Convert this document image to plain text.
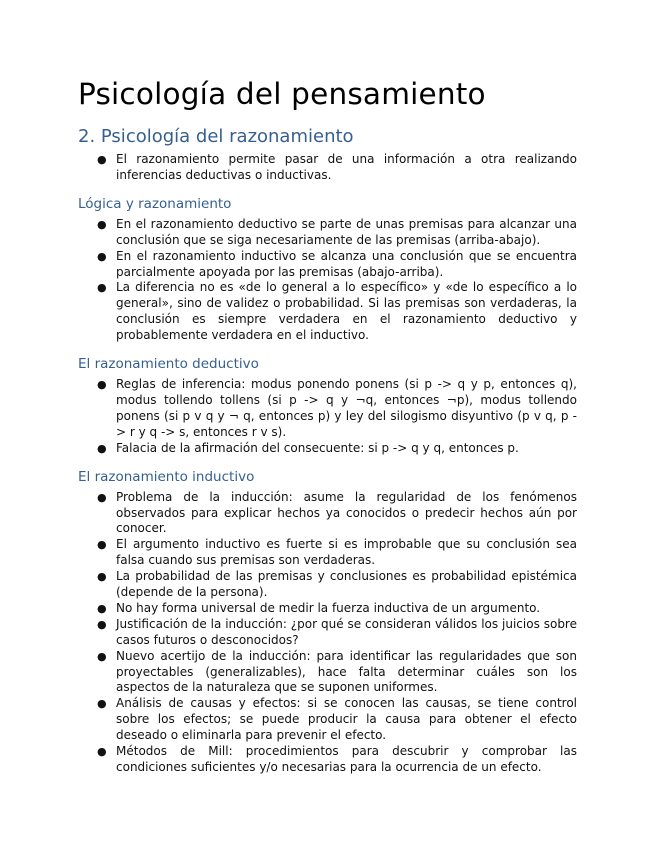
Psicología del pensamiento
2. Psicología del razonamiento
● El razonamiento permite pasar de una información a otra realizando inferencias deductivas o inductivas.
Lógica y razonamiento
● En el razonamiento deductivo se parte de unas premisas para alcanzar una conclusión que se siga necesariamente de las premisas (arriba-abajo).
● En el razonamiento inductivo se alcanza una conclusión que se encuentra parcialmente apoyada por las premisas (abajo-arriba).
● La diferencia no es «de lo general a lo específico» y «de lo específico a lo general», sino de validez o probabilidad. Si las premisas son verdaderas, la conclusión es siempre verdadera en el razonamiento deductivo y probablemente verdadera en el inductivo.
El razonamiento deductivo
● Reglas de inferencia: modus ponendo ponens (si p -> q y p, entonces q), modus tollendo tollens (si p -> q y ¬q, entonces ¬p), modus tollendo ponens (si p v q y ¬ q, entonces p) y ley del silogismo disyuntivo (p v q, p -> r y q -> s, entonces r v s).
● Falacia de la afirmación del consecuente: si p -> q y q, entonces p.
El razonamiento inductivo
● Problema de la inducción: asume la regularidad de los fenómenos observados para explicar hechos ya conocidos o predecir hechos aún por conocer.
● El argumento inductivo es fuerte si es improbable que su conclusión sea falsa cuando sus premisas son verdaderas.
● La probabilidad de las premisas y conclusiones es probabilidad epistémica (depende de la persona).
● No hay forma universal de medir la fuerza inductiva de un argumento.
● Justificación de la inducción: ¿por qué se consideran válidos los juicios sobre casos futuros o desconocidos?
● Nuevo acertijo de la inducción: para identificar las regularidades que son proyectables (generalizables), hace falta determinar cuáles son los aspectos de la naturaleza que se suponen uniformes.
● Análisis de causas y efectos: si se conocen las causas, se tiene control sobre los efectos; se puede producir la causa para obtener el efecto deseado o eliminarla para prevenir el efecto.
● Métodos de Mill: procedimientos para descubrir y comprobar las condiciones suficientes y/o necesarias para la ocurrencia de un efecto.
